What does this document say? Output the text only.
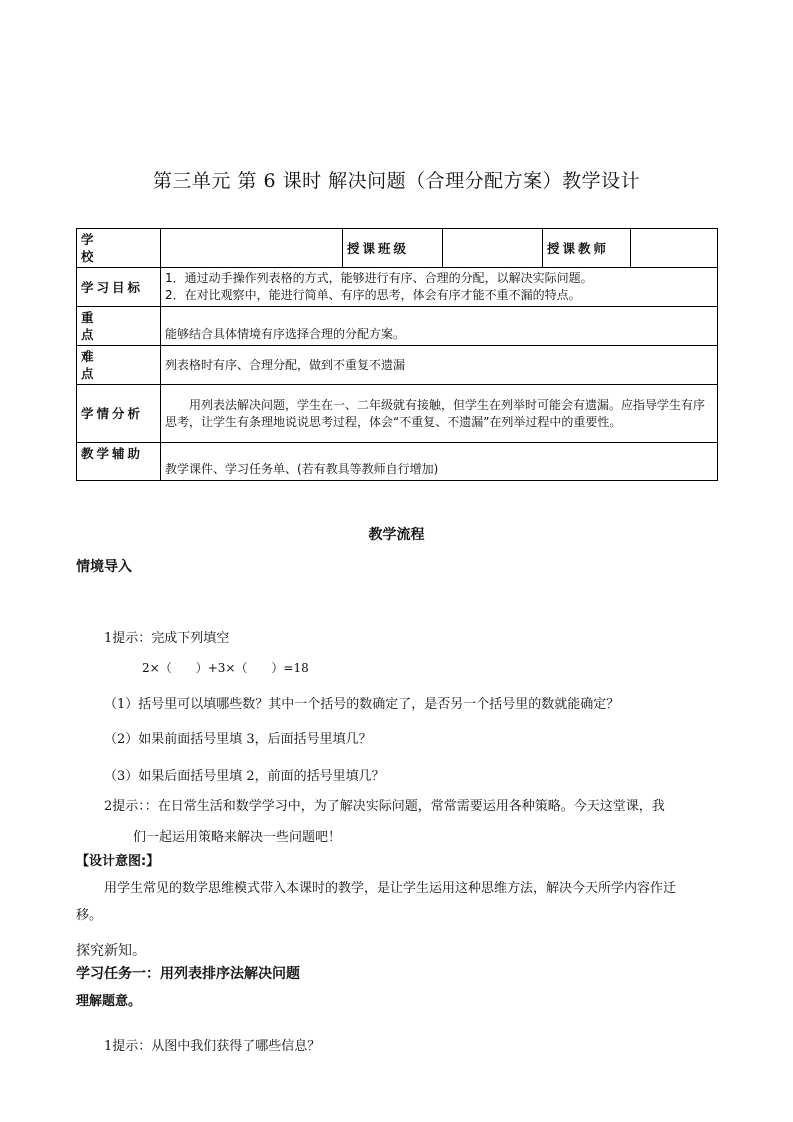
第三单元 第 6 课时 解决问题（合理分配方案）教学设计
学　校		授课班级		授课教师	
学习目标	1．通过动手操作列表格的方式，能够进行有序、合理的分配，以解决实际问题。
2．在对比观察中，能进行简单、有序的思考，体会有序才能不重不漏的特点。				

重　点	能够结合具体情境有序选择合理的分配方案。				
难　点	列表格时有序、合理分配，做到不重复不遗漏				
学情分析	用列表法解决问题，学生在一、二年级就有接触，但学生在列举时可能会有遗漏。应指导学生有序思考，让学生有条理地说说思考过程，体会“不重复、不遗漏”在列举过程中的重要性。				
教学辅助	教学课件、学习任务单、(若有教具等教师自行增加)				
教学流程
情境导入
1提示：完成下列填空
2×（　　）+3×（　　）=18
（1）括号里可以填哪些数？其中一个括号的数确定了，是否另一个括号里的数就能确定？
（2）如果前面括号里填 3，后面括号里填几？
（3）如果后面括号里填 2，前面的括号里填几？
2提示：：在日常生活和数学学习中，为了解决实际问题，常常需要运用各种策略。今天这堂课，我
们一起运用策略来解决一些问题吧！
【设计意图:】
用学生常见的数学思维模式带入本课时的教学，是让学生运用这种思维方法，解决今天所学内容作迁
移。
探究新知。
学习任务一：用列表排序法解决问题
理解题意。
1提示：从图中我们获得了哪些信息？
